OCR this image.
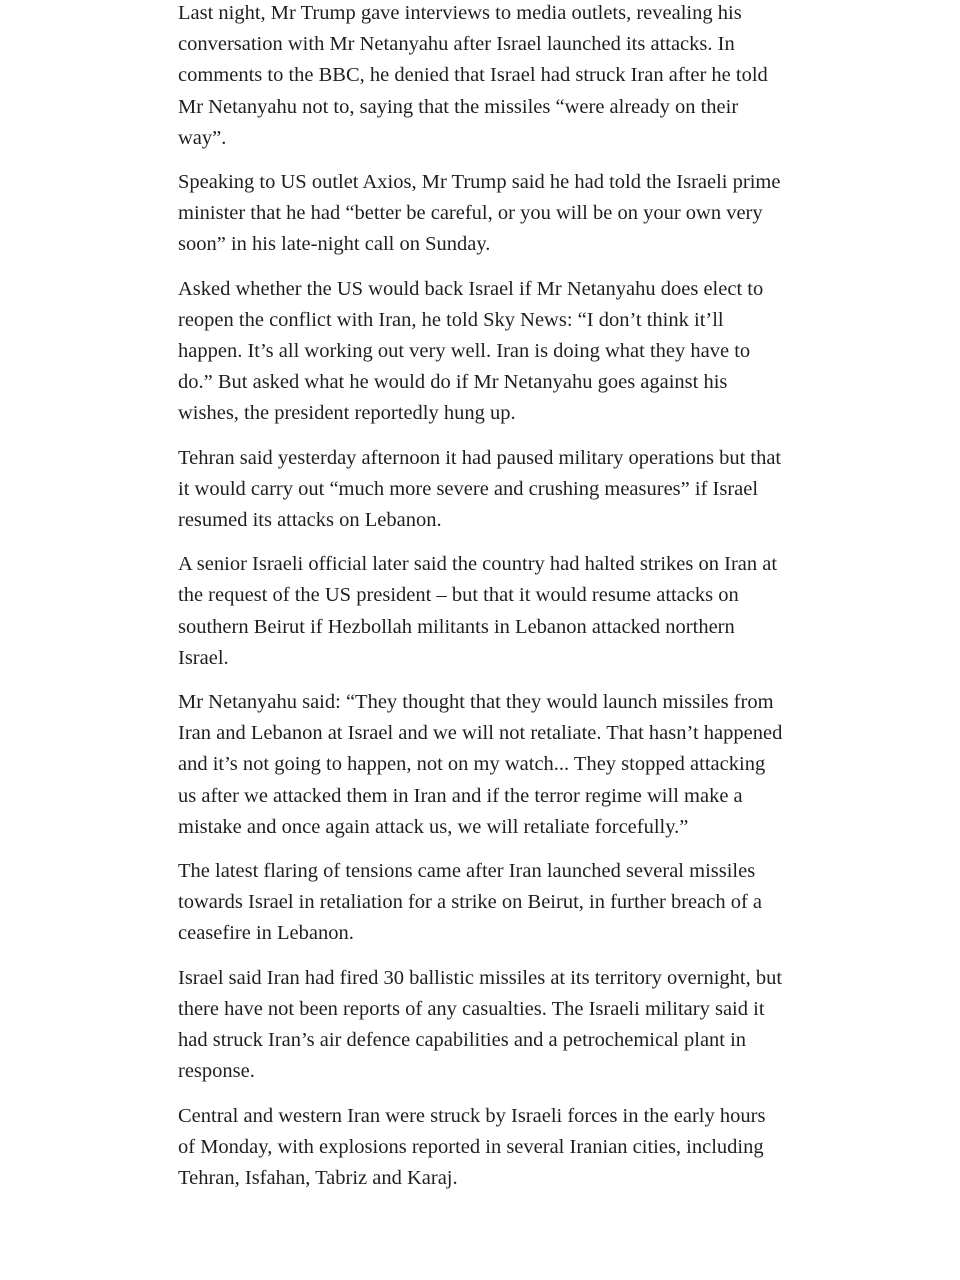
Last night, Mr Trump gave interviews to media outlets, revealing his conversation with Mr Netanyahu after Israel launched its attacks. In comments to the BBC, he denied that Israel had struck Iran after he told Mr Netanyahu not to, saying that the missiles “were already on their way”.

Speaking to US outlet Axios, Mr Trump said he had told the Israeli prime minister that he had “better be careful, or you will be on your own very soon” in his late-night call on Sunday.

Asked whether the US would back Israel if Mr Netanyahu does elect to reopen the conflict with Iran, he told Sky News: “I don’t think it’ll happen. It’s all working out very well. Iran is doing what they have to do.” But asked what he would do if Mr Netanyahu goes against his wishes, the president reportedly hung up.

Tehran said yesterday afternoon it had paused military operations but that it would carry out “much more severe and crushing measures” if Israel resumed its attacks on Lebanon.

A senior Israeli official later said the country had halted strikes on Iran at the request of the US president – but that it would resume attacks on southern Beirut if Hezbollah militants in Lebanon attacked northern Israel.

Mr Netanyahu said: “They thought that they would launch missiles from Iran and Lebanon at Israel and we will not retaliate. That hasn’t happened and it’s not going to happen, not on my watch... They stopped attacking us after we attacked them in Iran and if the terror regime will make a mistake and once again attack us, we will retaliate forcefully.”

The latest flaring of tensions came after Iran launched several missiles towards Israel in retaliation for a strike on Beirut, in further breach of a ceasefire in Lebanon.

Israel said Iran had fired 30 ballistic missiles at its territory overnight, but there have not been reports of any casualties. The Israeli military said it had struck Iran’s air defence capabilities and a petrochemical plant in response.

Central and western Iran were struck by Israeli forces in the early hours of Monday, with explosions reported in several Iranian cities, including Tehran, Isfahan, Tabriz and Karaj.
